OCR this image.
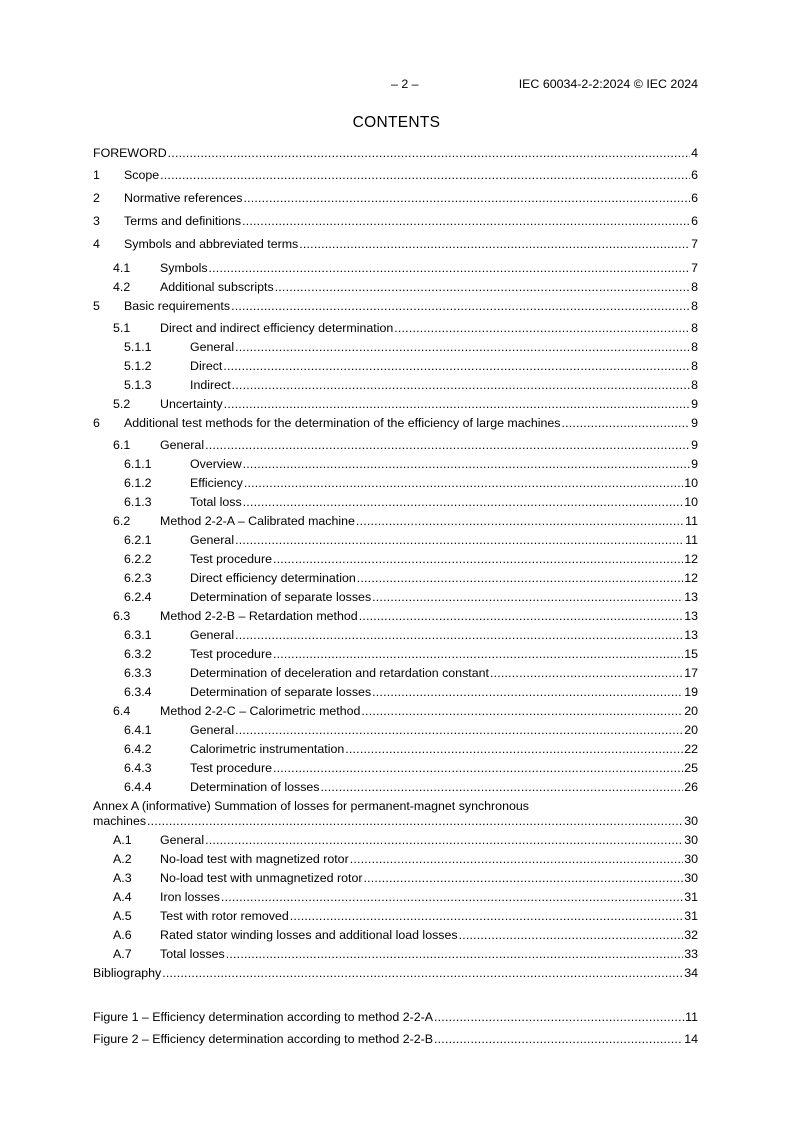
– 2 –	IEC 60034-2-2:2024 © IEC 2024
CONTENTS
FOREWORD .....	4
1 Scope .....	6
2 Normative references .....	6
3 Terms and definitions .....	6
4 Symbols and abbreviated terms .....	7
4.1 Symbols .....	7
4.2 Additional subscripts .....	8
5 Basic requirements .....	8
5.1 Direct and indirect efficiency determination .....	8
5.1.1	General .....	8
5.1.2	Direct .....	8
5.1.3	Indirect .....	8
5.2 Uncertainty .....	9
6 Additional test methods for the determination of the efficiency of large machines .....	9
6.1 General .....	9
6.1.1	Overview .....	9
6.1.2	Efficiency .....	10
6.1.3	Total loss .....	10
6.2 Method 2-2-A – Calibrated machine .....	11
6.2.1	General .....	11
6.2.2	Test procedure .....	12
6.2.3	Direct efficiency determination .....	12
6.2.4	Determination of separate losses .....	13
6.3 Method 2-2-B – Retardation method .....	13
6.3.1	General .....	13
6.3.2	Test procedure .....	15
6.3.3	Determination of deceleration and retardation constant .....	17
6.3.4	Determination of separate losses .....	19
6.4 Method 2-2-C – Calorimetric method .....	20
6.4.1	General .....	20
6.4.2	Calorimetric instrumentation .....	22
6.4.3	Test procedure .....	25
6.4.4	Determination of losses .....	26
Annex A (informative) Summation of losses for permanent-magnet synchronous
machines .....	30
A.1 General .....	30
A.2 No-load test with magnetized rotor .....	30
A.3 No-load test with unmagnetized rotor .....	30
A.4 Iron losses .....	31
A.5 Test with rotor removed .....	31
A.6 Rated stator winding losses and additional load losses .....	32
A.7 Total losses .....	33
Bibliography .....	34
Figure 1 – Efficiency determination according to method 2-2-A .....	11
Figure 2 – Efficiency determination according to method 2-2-B .....	14
